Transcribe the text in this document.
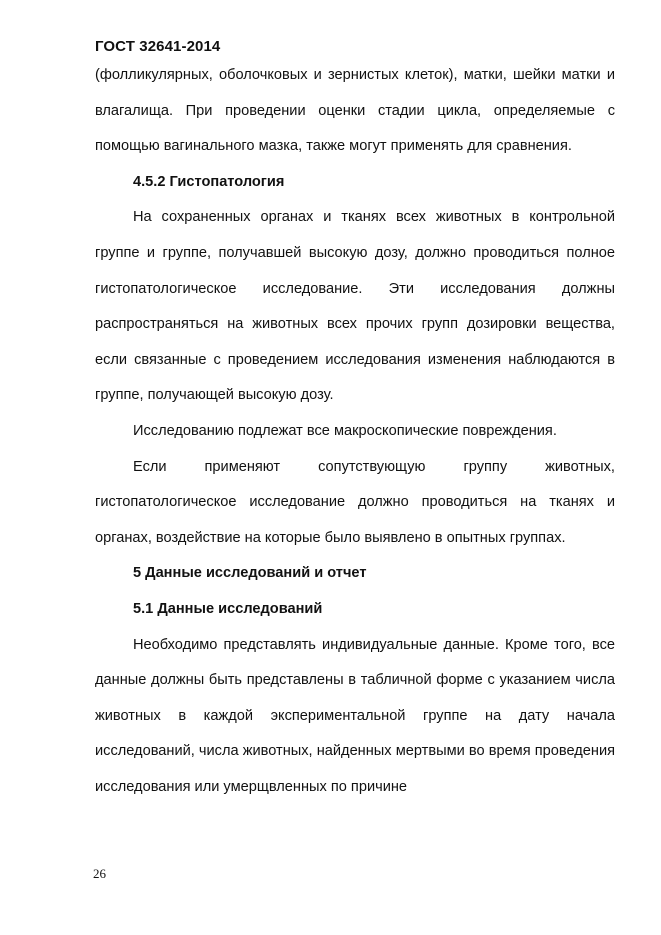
ГОСТ 32641-2014

(фолликулярных, оболочковых и зернистых клеток), матки, шейки матки и влагалища. При проведении оценки стадии цикла, определяемые с помощью вагинального мазка, также могут применять для сравнения.

4.5.2 Гистопатология

На сохраненных органах и тканях всех животных в контрольной группе и группе, получавшей высокую дозу, должно проводиться полное гистопатологическое исследование. Эти исследования должны распространяться на животных всех прочих групп дозировки вещества, если связанные с проведением исследования изменения наблюдаются в группе, получающей высокую дозу.

Исследованию подлежат все макроскопические повреждения.

Если применяют сопутствующую группу животных, гистопатологическое исследование должно проводиться на тканях и органах, воздействие на которые было выявлено в опытных группах.

5 Данные исследований и отчет
5.1 Данные исследований

Необходимо представлять индивидуальные данные. Кроме того, все данные должны быть представлены в табличной форме с указанием числа животных в каждой экспериментальной группе на дату начала исследований, числа животных, найденных мертвыми во время проведения исследования или умерщвленных по причине

26
